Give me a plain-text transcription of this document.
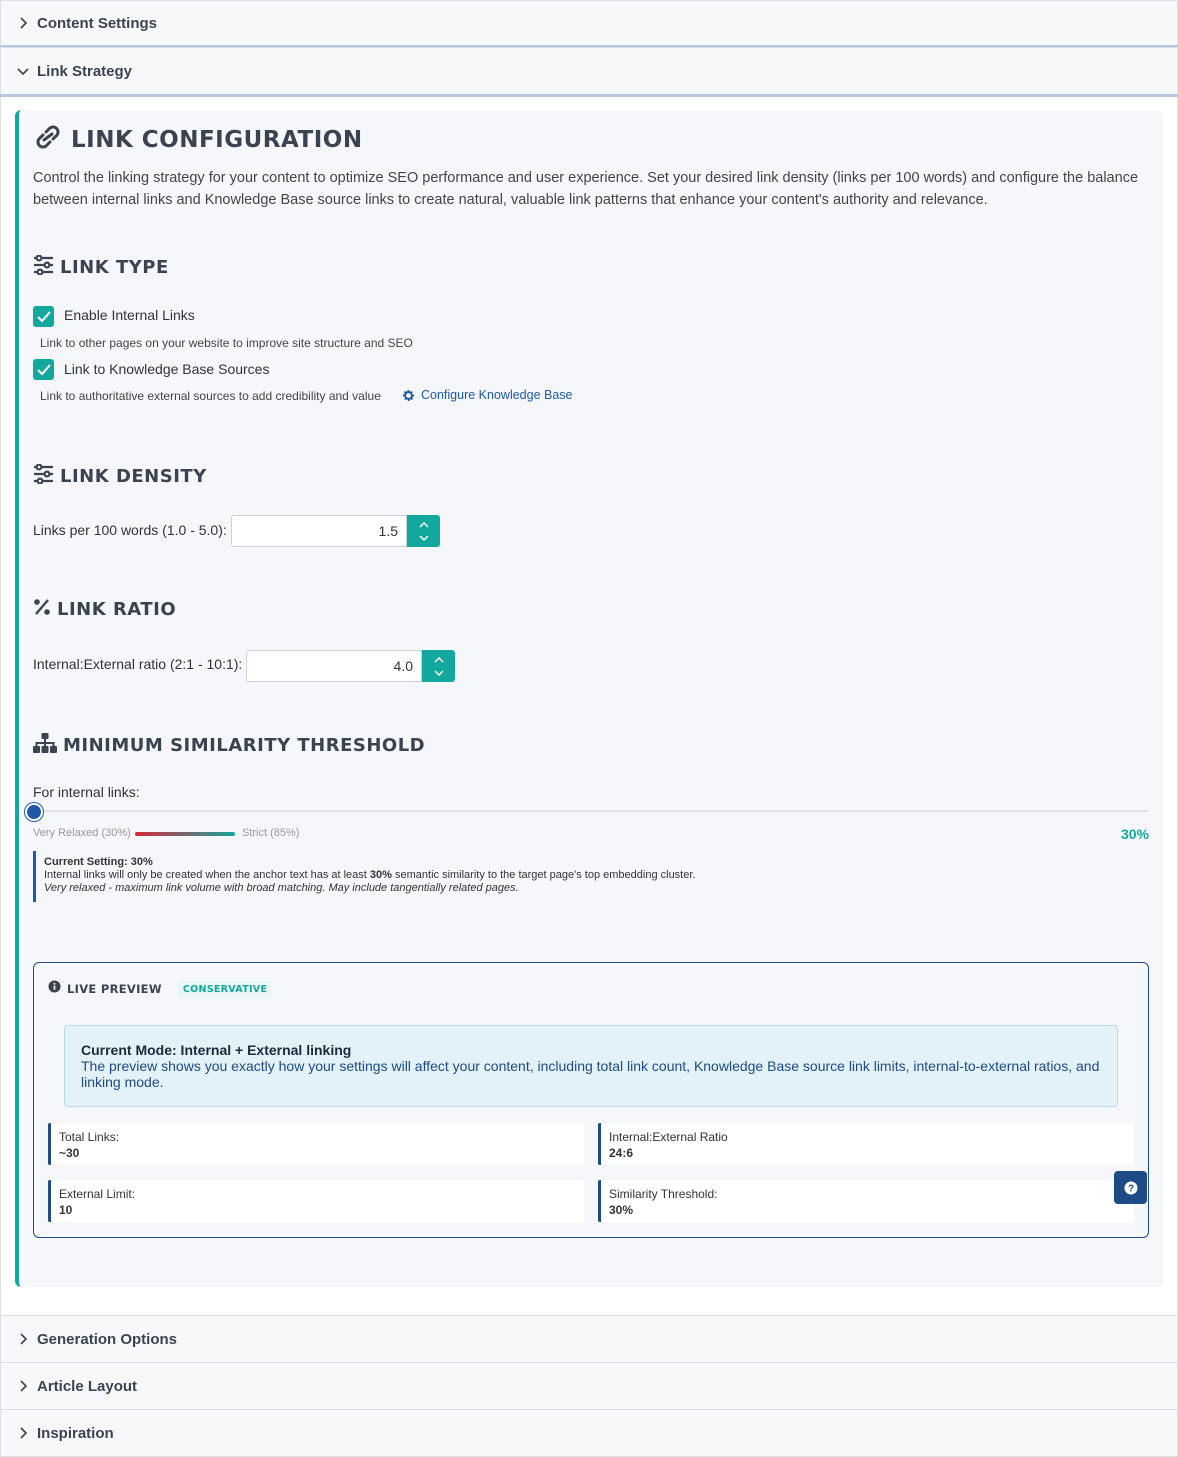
Content Settings
Link Strategy
LINK CONFIGURATION
Control the linking strategy for your content to optimize SEO performance and user experience. Set your desired link density (links per 100 words) and configure the balance between internal links and Knowledge Base source links to create natural, valuable link patterns that enhance your content's authority and relevance.
LINK TYPE
Enable Internal Links
Link to other pages on your website to improve site structure and SEO
Link to Knowledge Base Sources
Link to authoritative external sources to add credibility and value	Configure Knowledge Base
LINK DENSITY
Links per 100 words (1.0 - 5.0):
1.5
LINK RATIO
Internal:External ratio (2:1 - 10:1):
4.0
MINIMUM SIMILARITY THRESHOLD
For internal links:
Very Relaxed (30%)	Strict (85%)	30%
Current Setting: 30%
Internal links will only be created when the anchor text has at least 30% semantic similarity to the target page's top embedding cluster.
Very relaxed - maximum link volume with broad matching. May include tangentially related pages.
LIVE PREVIEW	CONSERVATIVE
Current Mode: Internal + External linking
The preview shows you exactly how your settings will affect your content, including total link count, Knowledge Base source link limits, internal-to-external ratios, and linking mode.
Total Links:
~30
Internal:External Ratio
24:6
External Limit:
10
Similarity Threshold:
30%
?
Generation Options
Article Layout
Inspiration
